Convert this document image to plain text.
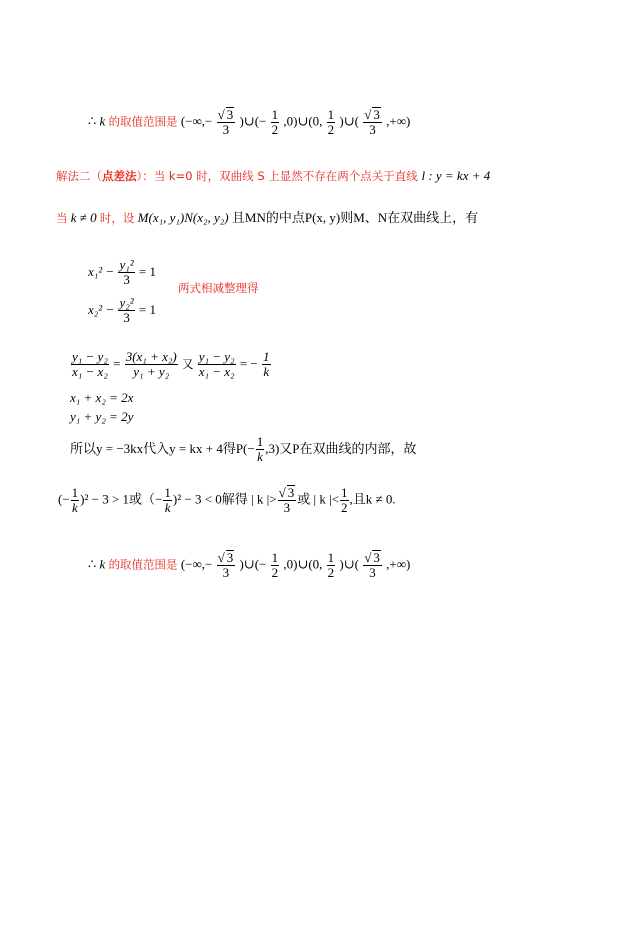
∴ k 的取值范围是 (−∞,− $\frac{√ 3}{3}$ )∪(− $\frac{1}{2}$ ,0)∪(0, $\frac{1}{2}$ )∪( $\frac{√ 3}{3}$ ,+∞)
解法二（点差法）：当 k=0 时，双曲线 S 上显然不存在两个点关于直线 l : y = kx + 4
当 k ≠ 0 时，设 M(x₁, y₁)N(x₂, y₂) 且MN的中点P(x, y)则M、N在双曲线上，有
$x_1^2 - \frac{\text{y₁²}}{3} = 1$
两式相减整理得
$x_2^2 - \frac{\text{y₂²}}{3} = 1$
$\frac{\text{y₁ − y₂}}{\text{x₁ − x₂}} = \frac{\text{3(x₁ + x₂)}}{\text{y₁ + y₂}}$ 又 $\frac{\text{y₁ − y₂}}{\text{x₁ − x₂}}$ = − $\frac{1}{k}$
x₁ + x₂ = 2x
y₁ + y₂ = 2y
所以y = −3kx代入y = kx + 4得$P(- \frac{1}{k} ,3)$又P在双曲线的内部，故
(− $\frac{1}{k} )^2 - 3 > 1$或（− $\frac{1}{k} )^2 - 3 < 0$解得 | k |> $\frac{√ 3}{3}$ 或 | k |< $\frac{1}{2}$ ,且k ≠ 0.
∴ k 的取值范围是 (−∞,− $\frac{√ 3}{3}$ )∪(− $\frac{1}{2}$ ,0)∪(0, $\frac{1}{2}$ )∪( $\frac{√ 3}{3}$ ,+∞)
